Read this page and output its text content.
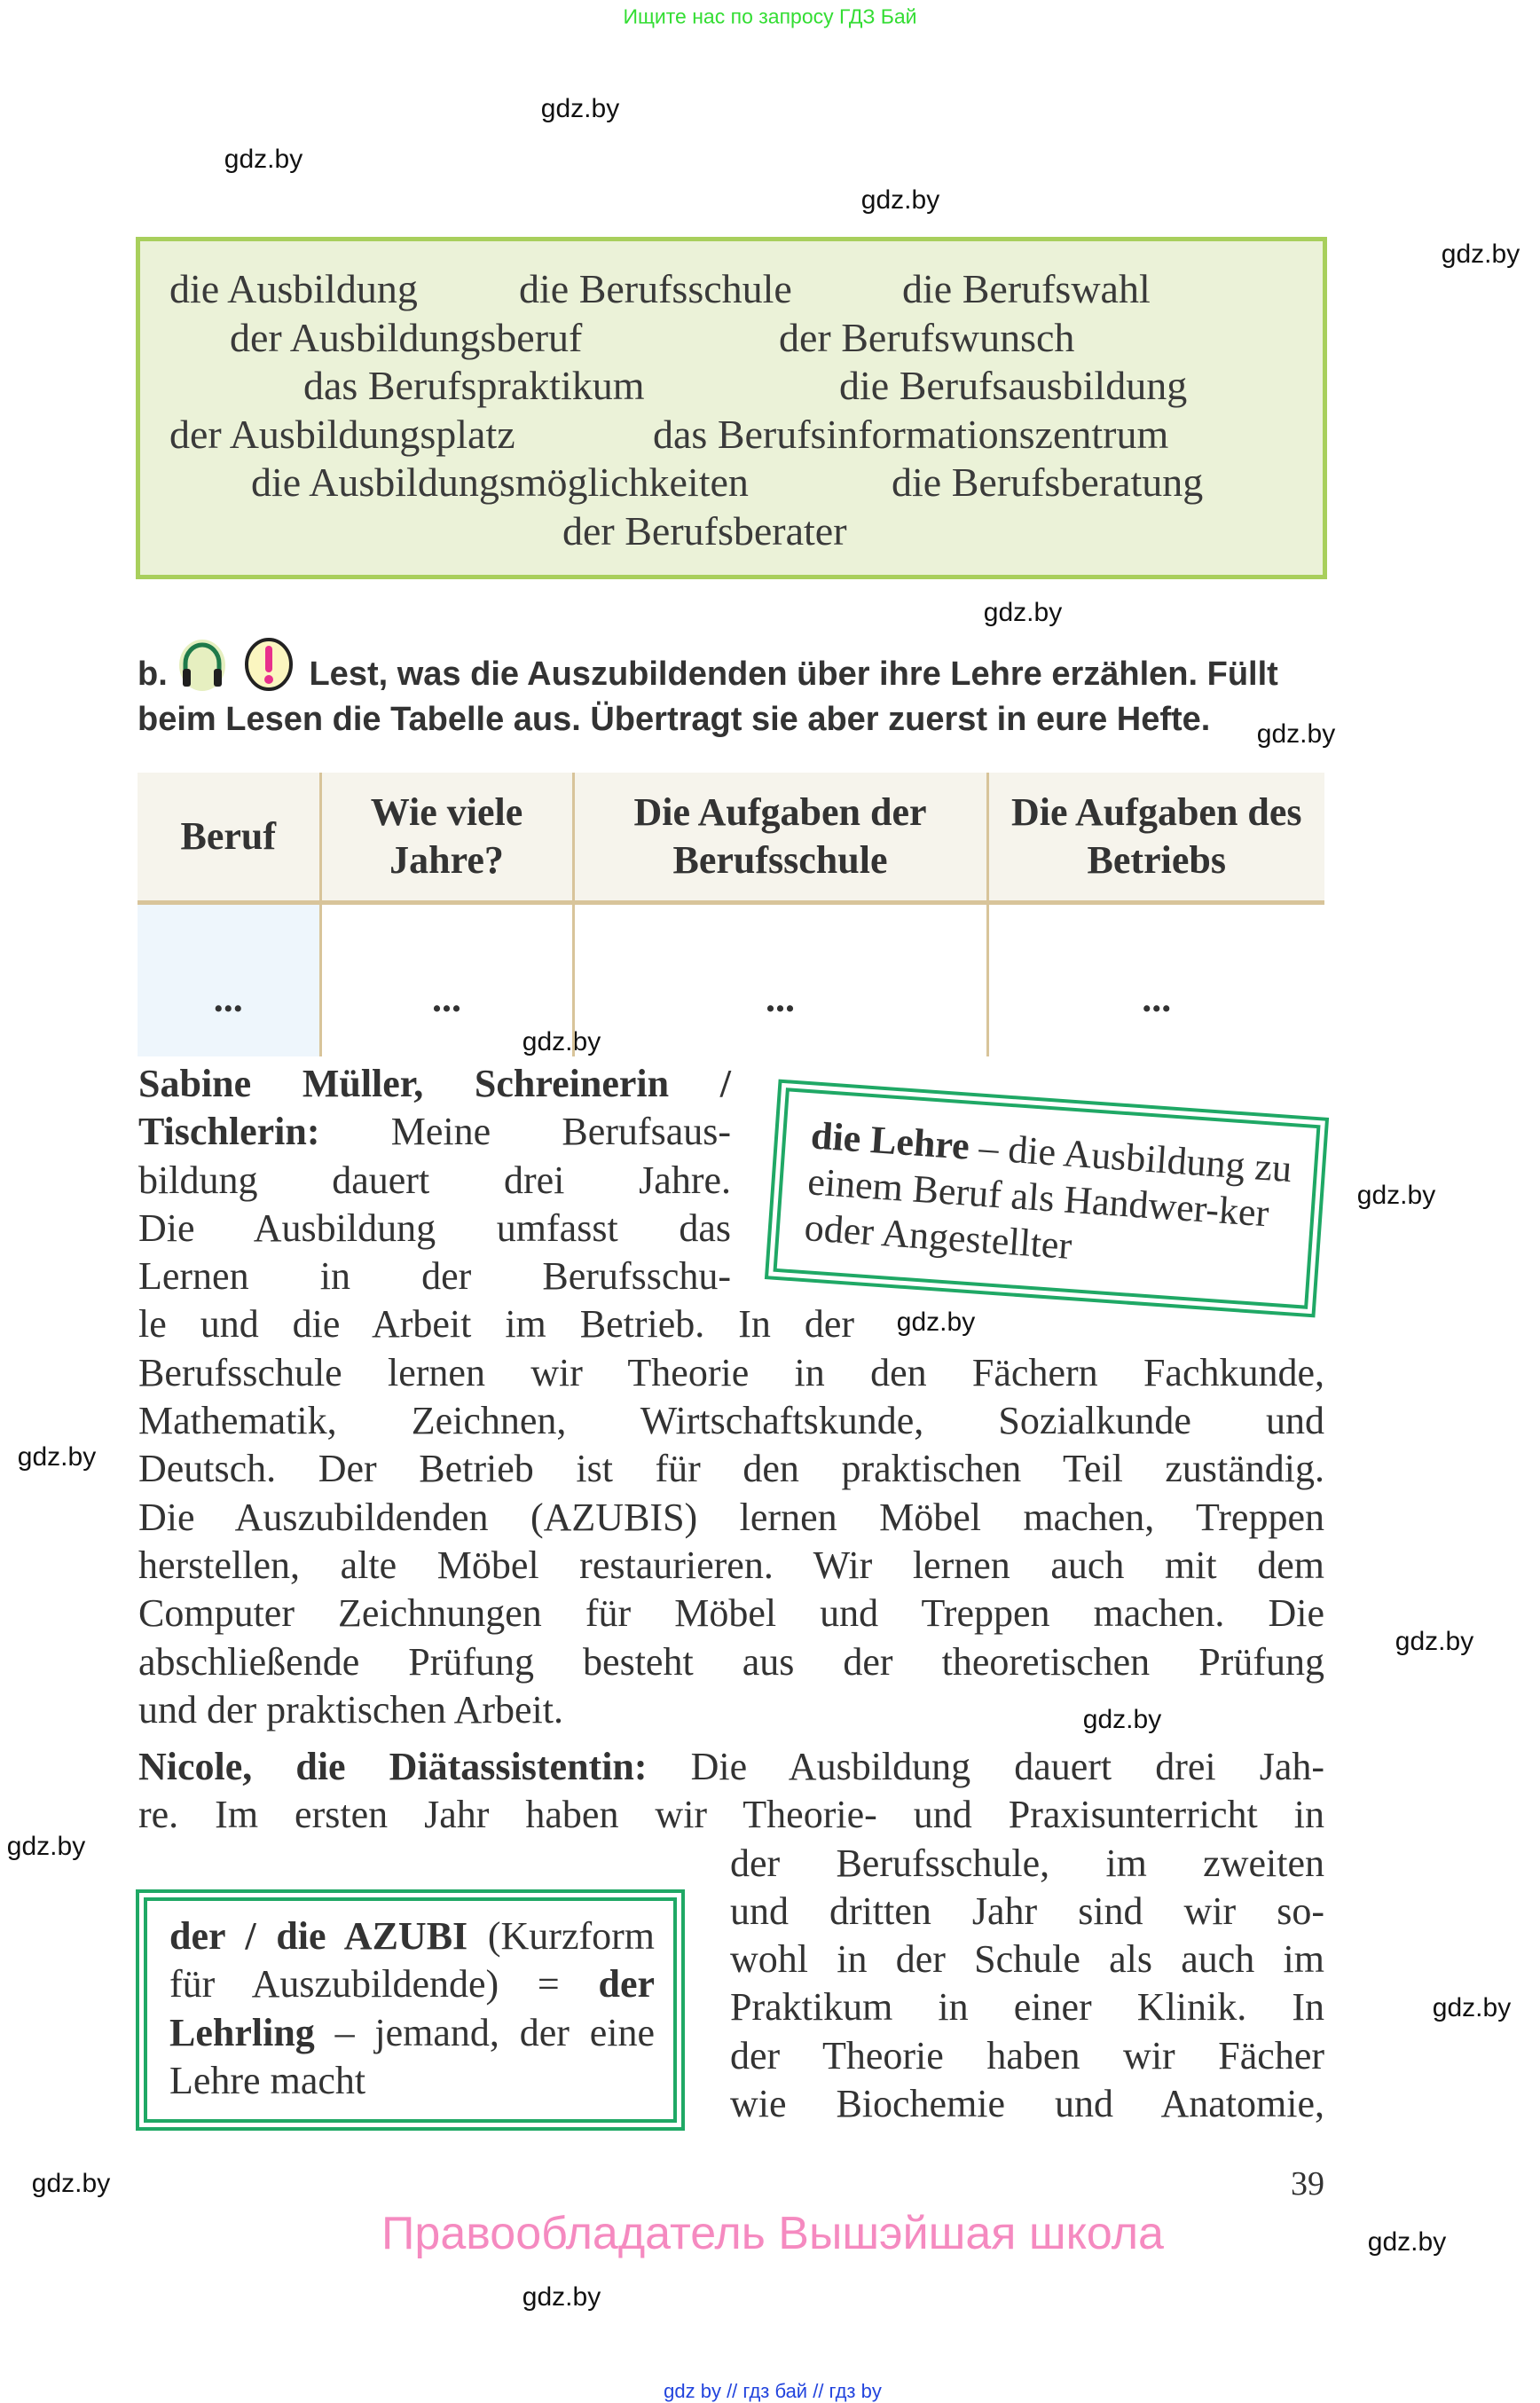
Ищите нас по запросу ГДЗ Бай
gdz.by
gdz.by
gdz.by
gdz.by
gdz.by
gdz.by
gdz.by
gdz.by
gdz.by
gdz.by
gdz.by
gdz.by
gdz.by
gdz.by
gdz.by
gdz.by
gdz.by
die Ausbildung die Berufsschule	die Berufswahl
der Ausbildungsberuf	der Berufswunsch
das Berufspraktikum	die Berufsausbildung
der Ausbildungsplatz	das Berufsinformationszentrum
die Ausbildungsmöglichkeiten	die Berufsberatung
der Berufsberater
b.	Lest, was die Auszubildenden über ihre Lehre erzählen. Füllt beim Lesen die Tabelle aus. Übertragt sie aber zuerst in eure Hefte.
Beruf	Wie viele Jahre?	Die Aufgaben der Berufsschule	Die Aufgaben des Betriebs
...	...	...	...
Sabine Müller, Schreinerin /
Tischlerin: Meine Berufsaus-
bildung dauert drei Jahre.
Die Ausbildung umfasst das
Lernen in der Berufsschu-
le und die Arbeit im Betrieb. In der
Berufsschule lernen wir Theorie in den Fächern Fachkunde,
Mathematik, Zeichnen, Wirtschaftskunde, Sozialkunde und
Deutsch. Der Betrieb ist für den praktischen Teil zuständig.
Die Auszubildenden (AZUBIS) lernen Möbel machen, Treppen
herstellen, alte Möbel restaurieren. Wir lernen auch mit dem
Computer Zeichnungen für Möbel und Treppen machen. Die
abschließende Prüfung besteht aus der theoretischen Prüfung
und der praktischen Arbeit.
die Lehre – die Ausbildung zu einem Beruf als Handwer-ker oder Angestellter
Nicole, die Diätassistentin: Die Ausbildung dauert drei Jah-
re. Im ersten Jahr haben wir Theorie- und Praxisunterricht in
der Berufsschule, im zweiten
und dritten Jahr sind wir so-
wohl in der Schule als auch im
Praktikum in einer Klinik. In
der Theorie haben wir Fächer
wie Biochemie und Anatomie,
der / die AZUBI (Kurzform
für Auszubildende) = der
Lehrling – jemand, der eine
Lehre macht
39
Правообладатель Вышэйшая школа
gdz by // гдз бай // гдз by
